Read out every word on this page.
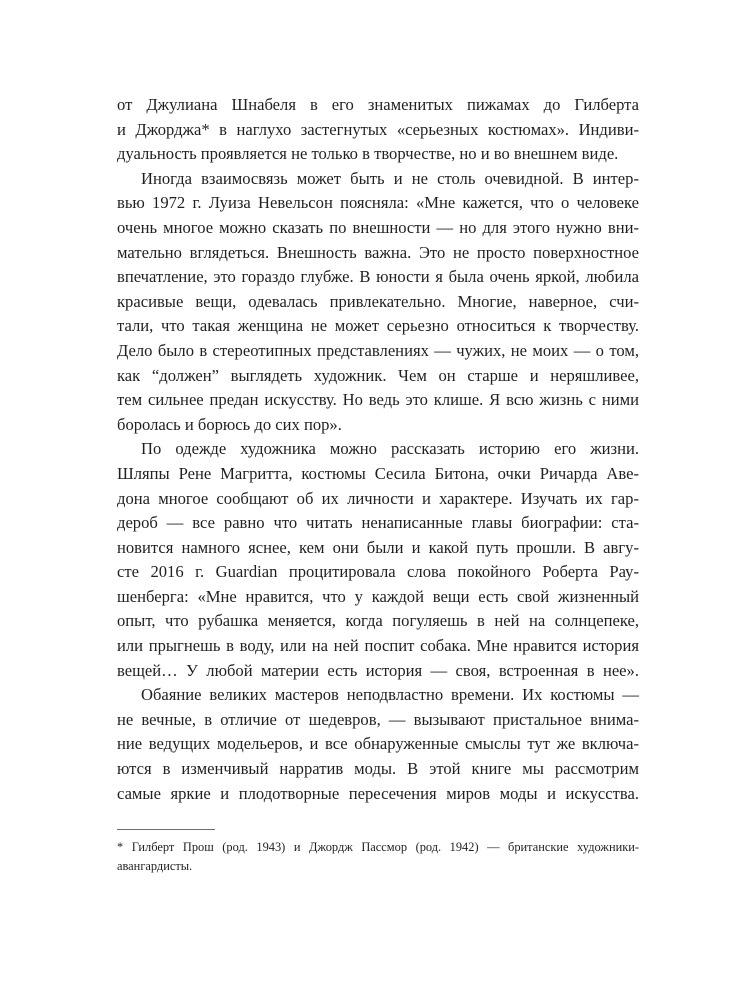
от Джулиана Шнабеля в его знаменитых пижамах до Гилберта
и Джорджа* в наглухо застегнутых «серьезных костюмах». Индиви-
дуальность проявляется не только в творчестве, но и во внешнем виде.
Иногда взаимосвязь может быть и не столь очевидной. В интер-
вью 1972 г. Луиза Невельсон поясняла: «Мне кажется, что о человеке
очень многое можно сказать по внешности — но для этого нужно вни-
мательно вглядеться. Внешность важна. Это не просто поверхностное
впечатление, это гораздо глубже. В юности я была очень яркой, любила
красивые вещи, одевалась привлекательно. Многие, наверное, счи-
тали, что такая женщина не может серьезно относиться к творчеству.
Дело было в стереотипных представлениях — чужих, не моих — о том,
как “должен” выглядеть художник. Чем он старше и неряшливее,
тем сильнее предан искусству. Но ведь это клише. Я всю жизнь с ними
боролась и борюсь до сих пор».
По одежде художника можно рассказать историю его жизни.
Шляпы Рене Магритта, костюмы Сесила Битона, очки Ричарда Аве-
дона многое сообщают об их личности и характере. Изучать их гар-
дероб — все равно что читать ненаписанные главы биографии: ста-
новится намного яснее, кем они были и какой путь прошли. В авгу-
сте 2016 г. Guardian процитировала слова покойного Роберта Рау-
шенберга: «Мне нравится, что у каждой вещи есть свой жизненный
опыт, что рубашка меняется, когда погуляешь в ней на солнцепеке,
или прыгнешь в воду, или на ней поспит собака. Мне нравится история
вещей… У любой материи есть история — своя, встроенная в нее».
Обаяние великих мастеров неподвластно времени. Их костюмы —
не вечные, в отличие от шедевров, — вызывают пристальное внима-
ние ведущих модельеров, и все обнаруженные смыслы тут же включа-
ются в изменчивый нарратив моды. В этой книге мы рассмотрим
самые яркие и плодотворные пересечения миров моды и искусства.
* Гилберт Прош (род. 1943) и Джордж Пассмор (род. 1942) — британские художники-
авангардисты.
